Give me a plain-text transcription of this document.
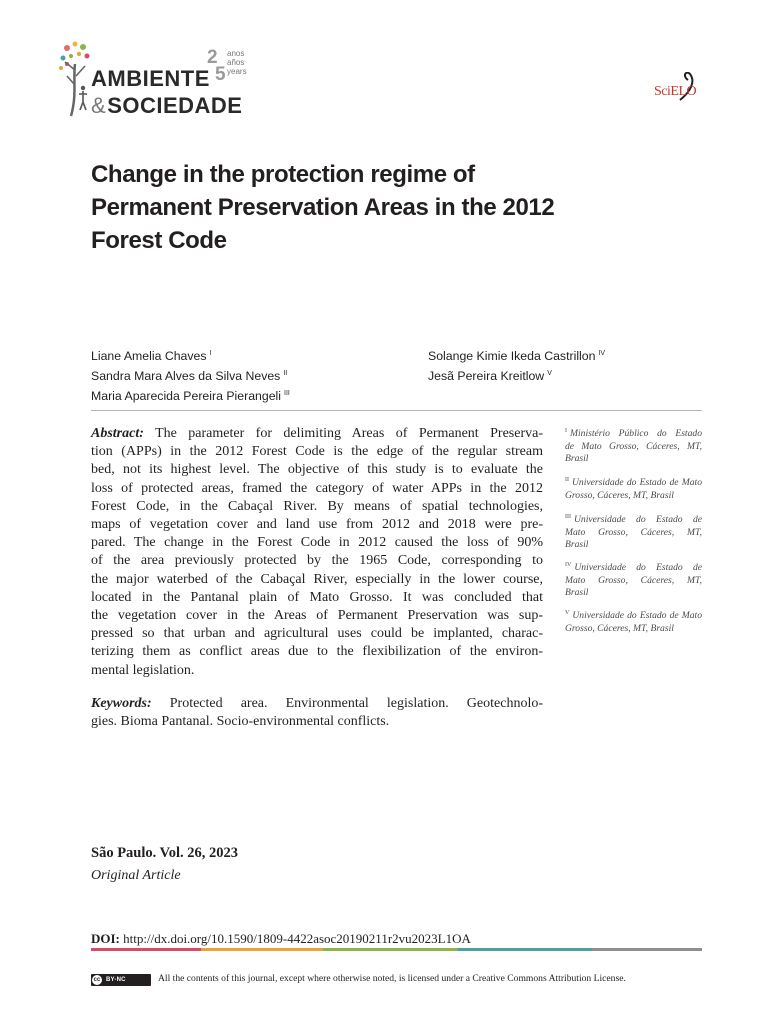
AMBIENTE
&SOCIEDADE
2
5
anos
años
years
SciELO
Change in the protection regime of
Permanent Preservation Areas in the 2012
Forest Code
Liane Amelia Chaves $^I$
Sandra Mara Alves da Silva Neves $^{II}$
Maria Aparecida Pereira Pierangeli $^{III}$
Solange Kimie Ikeda Castrillon $^{IV}$
Jesã Pereira Kreitlow $^V$
Abstract: The parameter for delimiting Areas of Permanent Preserva-
tion (APPs) in the 2012 Forest Code is the edge of the regular stream
bed, not its highest level. The objective of this study is to evaluate the
loss of protected areas, framed the category of water APPs in the 2012
Forest Code, in the Cabaçal River. By means of spatial technologies,
maps of vegetation cover and land use from 2012 and 2018 were pre-
pared. The change in the Forest Code in 2012 caused the loss of 90%
of the area previously protected by the 1965 Code, corresponding to
the major waterbed of the Cabaçal River, especially in the lower course,
located in the Pantanal plain of Mato Grosso. It was concluded that
the vegetation cover in the Areas of Permanent Preservation was sup-
pressed so that urban and agricultural uses could be implanted, charac-
terizing them as conflict areas due to the flexibilization of the environ-
mental legislation.
Keywords: Protected area. Environmental legislation. Geotechnolo-
gies. Bioma Pantanal. Socio-environmental conflicts.
$^I$ Ministério Público do Estado
de Mato Grosso, Cáceres, MT,
Brasil
$^{II}$ Universidade do Estado de Mato
Grosso, Cáceres, MT, Brasil
$^{III}$ Universidade do Estado de
Mato Grosso, Cáceres, MT,
Brasil
$^{IV}$ Universidade do Estado de
Mato Grosso, Cáceres, MT,
Brasil
$^V$ Universidade do Estado de Mato
Grosso, Cáceres, MT, Brasil
São Paulo. Vol. 26, 2023
Original Article
DOI: http://dx.doi.org/10.1590/1809-4422asoc20190211r2vu2023L1OA
cc BY-NC	All the contents of this journal, except where otherwise noted, is licensed under a Creative Commons Attribution License.
